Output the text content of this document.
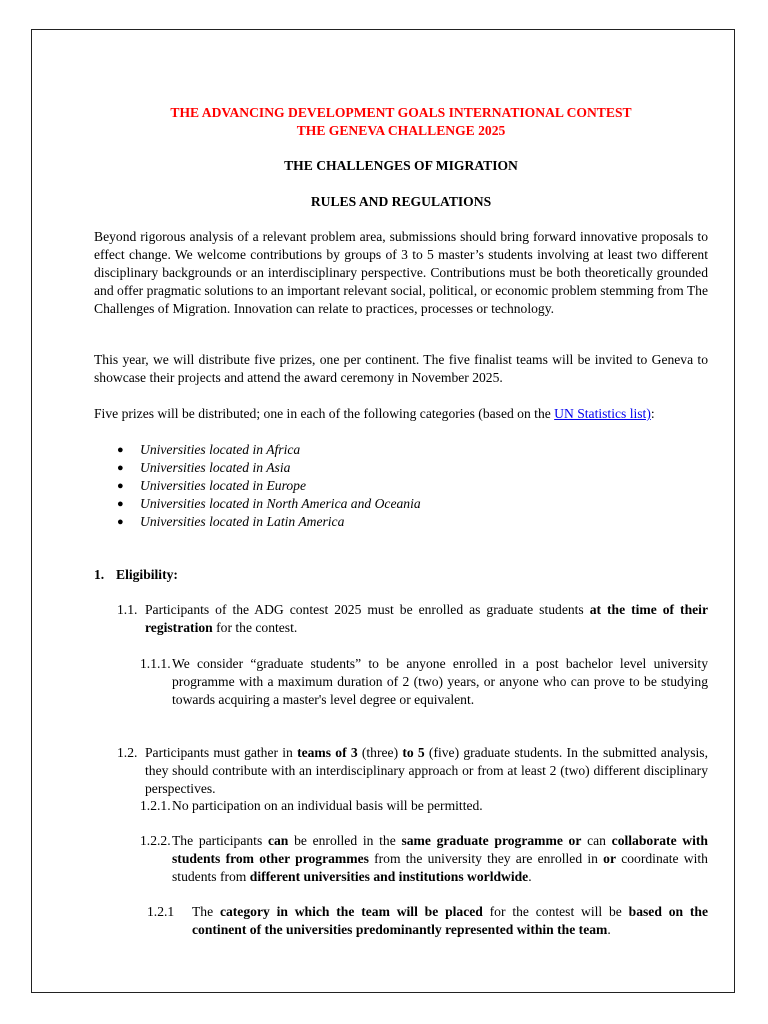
THE ADVANCING DEVELOPMENT GOALS INTERNATIONAL CONTEST
THE GENEVA CHALLENGE 2025
THE CHALLENGES OF MIGRATION
RULES AND REGULATIONS
Beyond rigorous analysis of a relevant problem area, submissions should bring forward innovative proposals to effect change. We welcome contributions by groups of 3 to 5 master’s students involving at least two different disciplinary backgrounds or an interdisciplinary perspective. Contributions must be both theoretically grounded and offer pragmatic solutions to an important relevant social, political, or economic problem stemming from The Challenges of Migration. Innovation can relate to practices, processes or technology.
This year, we will distribute five prizes, one per continent. The five finalist teams will be invited to Geneva to showcase their projects and attend the award ceremony in November 2025.
Five prizes will be distributed; one in each of the following categories (based on the UN Statistics list):
● Universities located in Africa
● Universities located in Asia
● Universities located in Europe
● Universities located in North America and Oceania
● Universities located in Latin America
1. Eligibility:
1.1. Participants of the ADG contest 2025 must be enrolled as graduate students at the time of their registration for the contest.
1.1.1. We consider “graduate students” to be anyone enrolled in a post bachelor level university programme with a maximum duration of 2 (two) years, or anyone who can prove to be studying towards acquiring a master's level degree or equivalent.
1.2. Participants must gather in teams of 3 (three) to 5 (five) graduate students. In the submitted analysis, they should contribute with an interdisciplinary approach or from at least 2 (two) different disciplinary perspectives.
1.2.1. No participation on an individual basis will be permitted.
1.2.2. The participants can be enrolled in the same graduate programme or can collaborate with students from other programmes from the university they are enrolled in or coordinate with students from different universities and institutions worldwide.
1.2.1 The category in which the team will be placed for the contest will be based on the continent of the universities predominantly represented within the team.
